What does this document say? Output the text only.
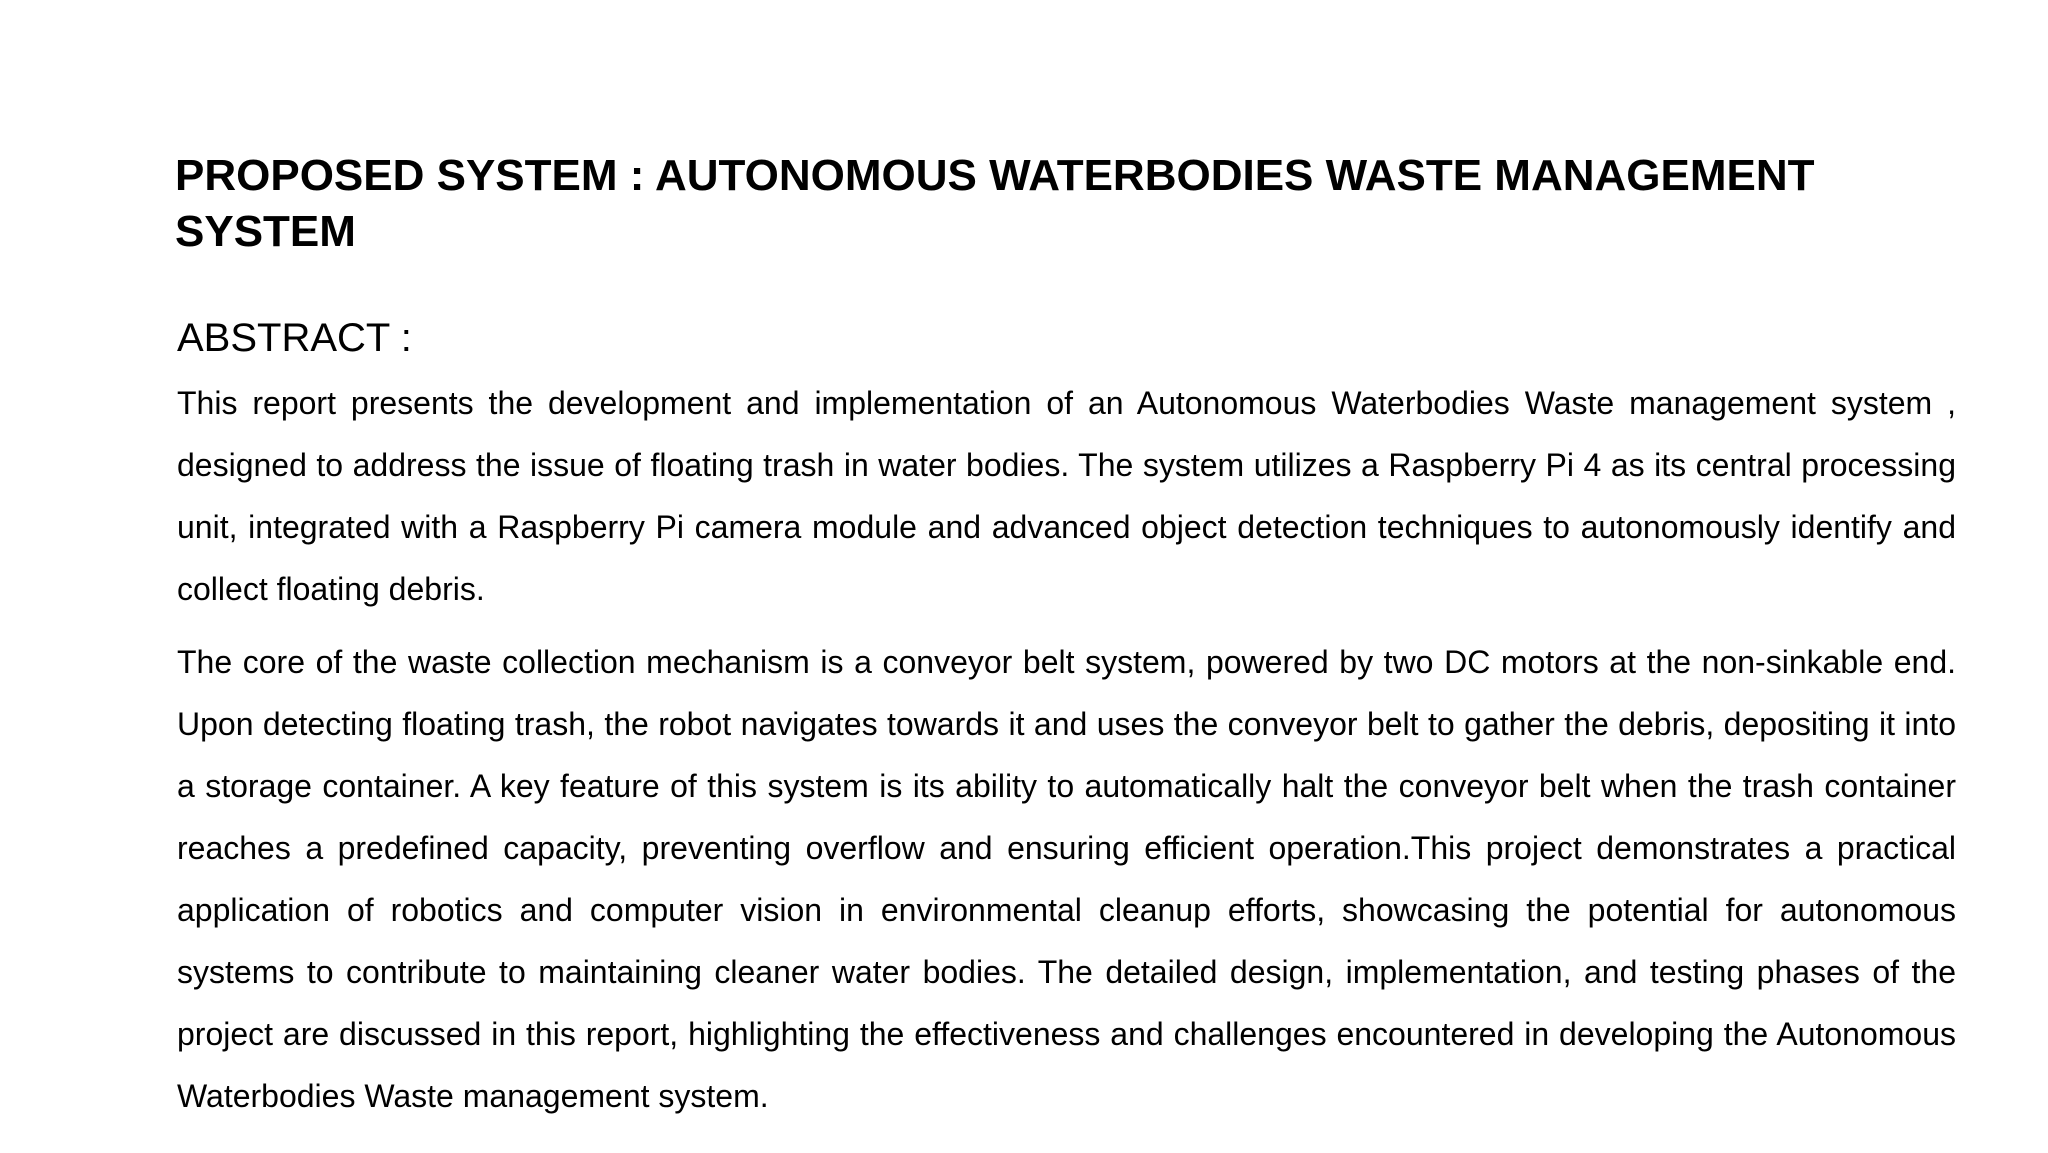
PROPOSED SYSTEM : AUTONOMOUS WATERBODIES WASTE MANAGEMENT SYSTEM
ABSTRACT :

This report presents the development and implementation of an Autonomous Waterbodies Waste management system , designed to address the issue of floating trash in water bodies. The system utilizes a Raspberry Pi 4 as its central processing unit, integrated with a Raspberry Pi camera module and advanced object detection techniques to autonomously identify and collect floating debris.

The core of the waste collection mechanism is a conveyor belt system, powered by two DC motors at the non-sinkable end. Upon detecting floating trash, the robot navigates towards it and uses the conveyor belt to gather the debris, depositing it into a storage container. A key feature of this system is its ability to automatically halt the conveyor belt when the trash container reaches a predefined capacity, preventing overflow and ensuring efficient operation.This project demonstrates a practical application of robotics and computer vision in environmental cleanup efforts, showcasing the potential for autonomous systems to contribute to maintaining cleaner water bodies. The detailed design, implementation, and testing phases of the project are discussed in this report, highlighting the effectiveness and challenges encountered in developing the Autonomous Waterbodies Waste management system.
